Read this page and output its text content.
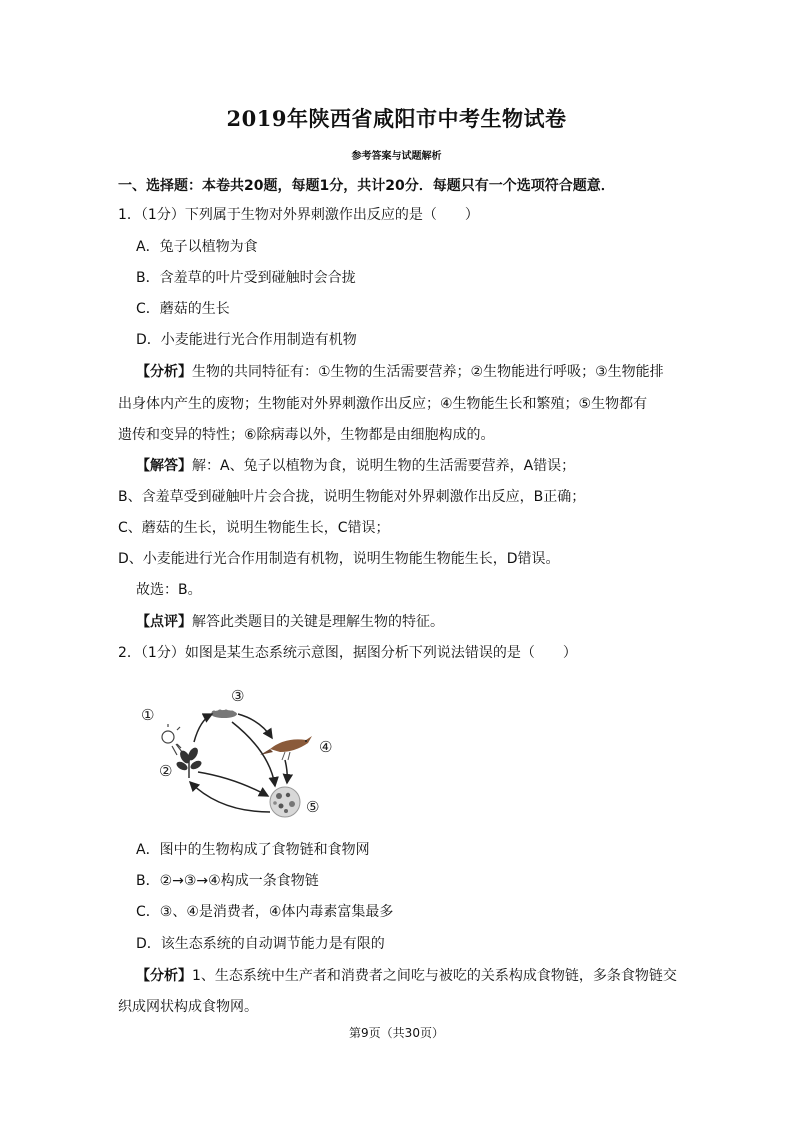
2019年陕西省咸阳市中考生物试卷
参考答案与试题解析
一、选择题：本卷共20题，每题1分，共计20分．每题只有一个选项符合题意．
1．（1分）下列属于生物对外界刺激作出反应的是（　　）
A．兔子以植物为食
B．含羞草的叶片受到碰触时会合拢
C．蘑菇的生长
D．小麦能进行光合作用制造有机物
【分析】生物的共同特征有：①生物的生活需要营养；②生物能进行呼吸；③生物能排
出身体内产生的废物；生物能对外界刺激作出反应；④生物能生长和繁殖；⑤生物都有
遗传和变异的特性；⑥除病毒以外，生物都是由细胞构成的。
【解答】解：A、兔子以植物为食，说明生物的生活需要营养，A错误；
B、含羞草受到碰触叶片会合拢，说明生物能对外界刺激作出反应，B正确；
C、蘑菇的生长，说明生物能生长，C错误；
D、小麦能进行光合作用制造有机物，说明生物能生物能生长，D错误。
故选：B。
【点评】解答此类题目的关键是理解生物的特征。
2．（1分）如图是某生态系统示意图，据图分析下列说法错误的是（　　）
①
②
③
④
⑤
A．图中的生物构成了食物链和食物网
B．②→③→④构成一条食物链
C．③、④是消费者，④体内毒素富集最多
D．该生态系统的自动调节能力是有限的
【分析】1、生态系统中生产者和消费者之间吃与被吃的关系构成食物链，多条食物链交
织成网状构成食物网。
第9页（共30页）
